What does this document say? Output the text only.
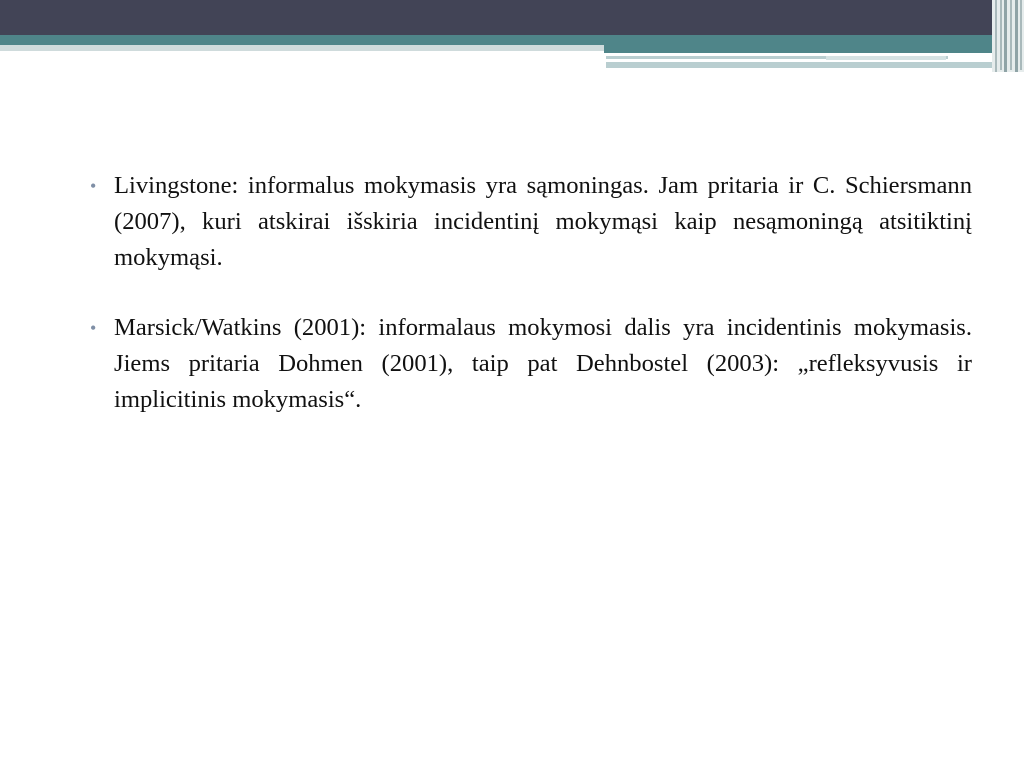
• Livingstone: informalus mokymasis yra sąmoningas. Jam pritaria ir C. Schiersmann (2007), kuri atskirai išskiria incidentinį mokymąsi kaip nesąmoningą atsitiktinį mokymąsi.
• Marsick/Watkins (2001): informalaus mokymosi dalis yra incidentinis mokymasis. Jiems pritaria Dohmen (2001), taip pat Dehnbostel (2003): „refleksyvusis ir implicitinis mokymasis“.
